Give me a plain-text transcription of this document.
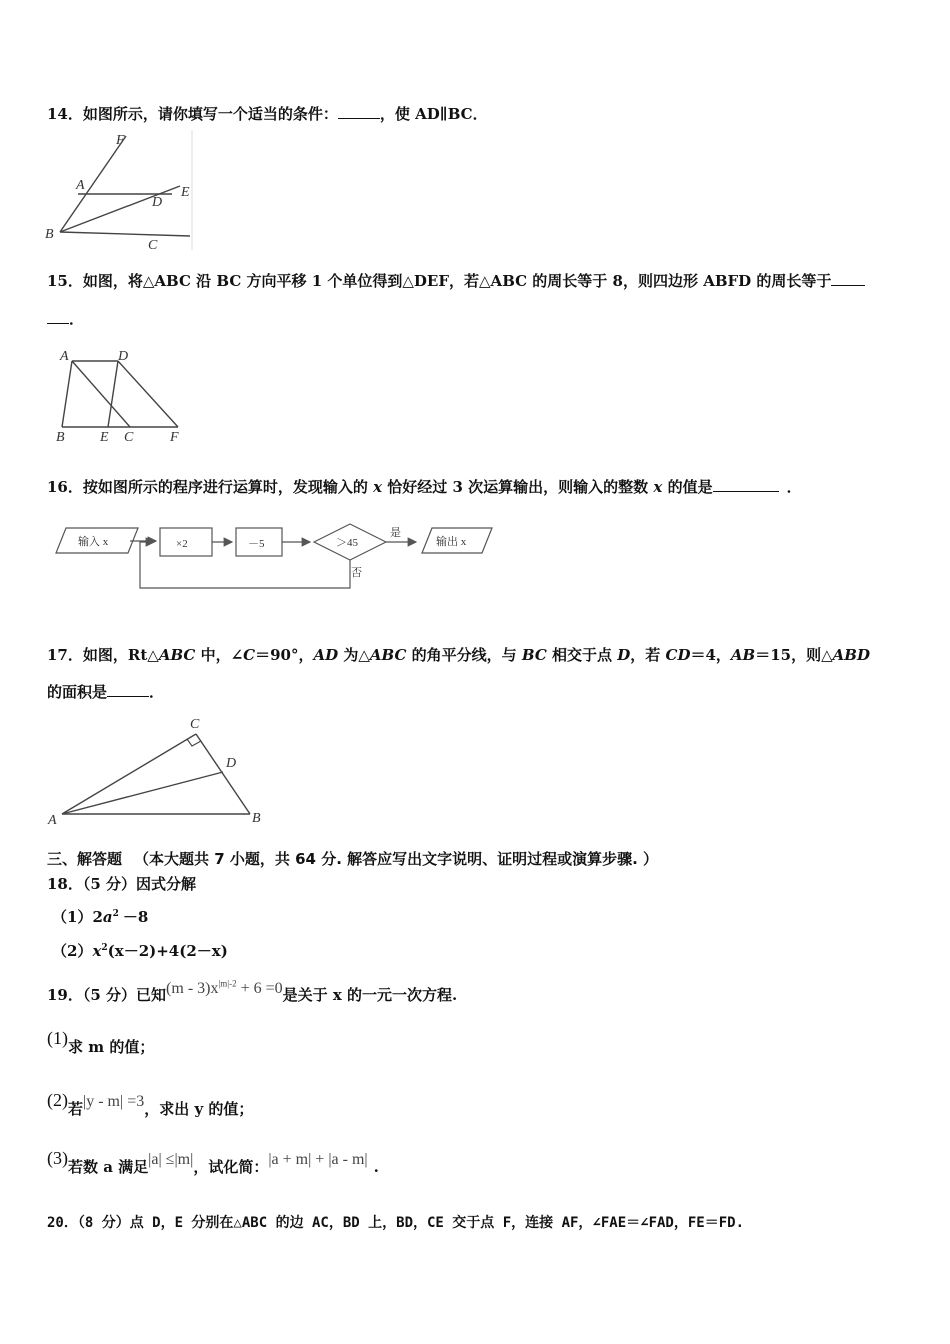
14．如图所示，请你填写一个适当的条件：	，使 AD∥BC．
F
A	E
D
B
C
15．如图，将△ABC 沿 BC 方向平移 1 个单位得到△DEF，若△ABC 的周长等于 8，则四边形 ABFD 的周长等于
．
A	D
B	E C	F
16．按如图所示的程序进行运算时，发现输入的 x 恰好经过 3 次运算输出，则输入的整数 x 的值是	．
输入 x	×2	－5	＞45
是
输出 x
否
17．如图，Rt△ABC 中，∠C＝90°，AD 为△ABC 的角平分线，与 BC 相交于点 D，若 CD＝4，AB＝15，则△ABD
的面积是	．
C
D
A	B
三、解答题 （本大题共 7 小题，共 64 分. 解答应写出文字说明、证明过程或演算步骤. ）
18．（5 分）因式分解
$(1)2a^2 -8$
$(2)x^2(x-2)+4(2-x)$
19．（5 分）已知$(m - 3)x^{|m|-2} + 6 =0$是关于 x 的一元一次方程.
(1)求 m 的值；
(2)若|y - m| =3，求出 y 的值；
(3)若数 a 满足|a| ≤|m|，试化简：|a + m| + |a - m| .
20．（8 分）点 D，E 分别在△ABC 的边 AC，BD 上，BD，CE 交于点 F，连接 AF，∠FAE＝∠FAD，FE＝FD.
